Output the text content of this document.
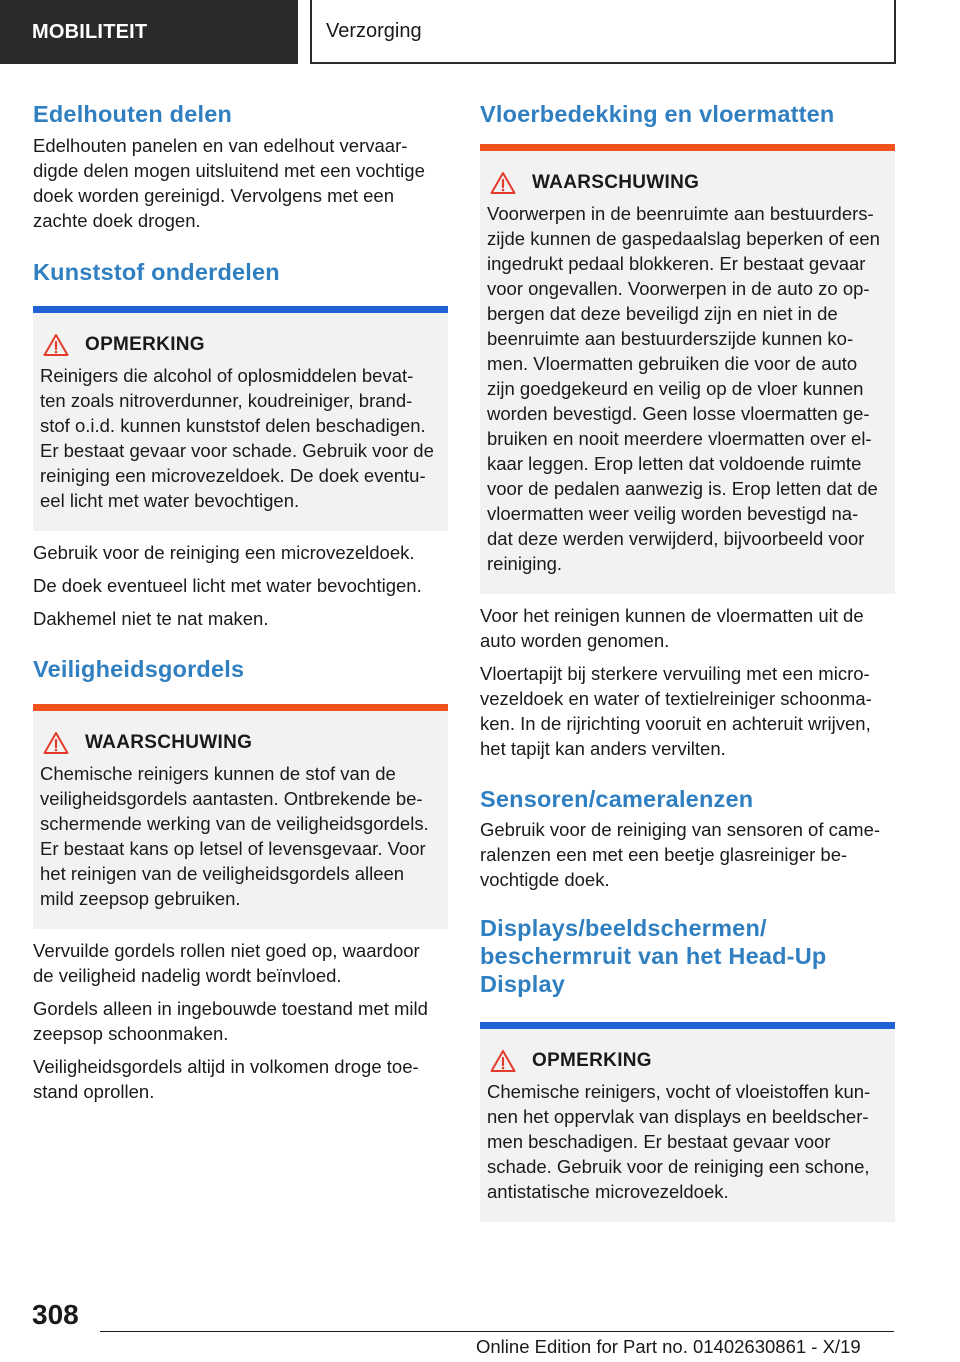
MOBILITEIT	Verzorging
Edelhouten delen

Edelhouten panelen en van edelhout vervaar-
digde delen mogen uitsluitend met een vochtige
doek worden gereinigd. Vervolgens met een
zachte doek drogen.

Kunststof onderdelen
OPMERKING

Reinigers die alcohol of oplosmiddelen bevat-
ten zoals nitroverdunner, koudreiniger, brand-
stof o.i.d. kunnen kunststof delen beschadigen.
Er bestaat gevaar voor schade. Gebruik voor de
reiniging een microvezeldoek. De doek eventu-
eel licht met water bevochtigen.

Gebruik voor de reiniging een microvezeldoek.

De doek eventueel licht met water bevochtigen.

Dakhemel niet te nat maken.

Veiligheidsgordels
WAARSCHUWING

Chemische reinigers kunnen de stof van de
veiligheidsgordels aantasten. Ontbrekende be-
schermende werking van de veiligheidsgordels.
Er bestaat kans op letsel of levensgevaar. Voor
het reinigen van de veiligheidsgordels alleen
mild zeepsop gebruiken.

Vervuilde gordels rollen niet goed op, waardoor
de veiligheid nadelig wordt beïnvloed.

Gordels alleen in ingebouwde toestand met mild
zeepsop schoonmaken.

Veiligheidsgordels altijd in volkomen droge toe-
stand oprollen.

Vloerbedekking en vloermatten
WAARSCHUWING

Voorwerpen in de beenruimte aan bestuurders-
zijde kunnen de gaspedaalslag beperken of een
ingedrukt pedaal blokkeren. Er bestaat gevaar
voor ongevallen. Voorwerpen in de auto zo op-
bergen dat deze beveiligd zijn en niet in de
beenruimte aan bestuurderszijde kunnen ko-
men. Vloermatten gebruiken die voor de auto
zijn goedgekeurd en veilig op de vloer kunnen
worden bevestigd. Geen losse vloermatten ge-
bruiken en nooit meerdere vloermatten over el-
kaar leggen. Erop letten dat voldoende ruimte
voor de pedalen aanwezig is. Erop letten dat de
vloermatten weer veilig worden bevestigd na-
dat deze werden verwijderd, bijvoorbeeld voor
reiniging.

Voor het reinigen kunnen de vloermatten uit de
auto worden genomen.

Vloertapijt bij sterkere vervuiling met een micro-
vezeldoek en water of textielreiniger schoonma-
ken. In de rijrichting vooruit en achteruit wrijven,
het tapijt kan anders vervilten.

Sensoren/cameralenzen

Gebruik voor de reiniging van sensoren of came-
ralenzen een met een beetje glasreiniger be-
vochtigde doek.

Displays/beeldschermen/
beschermruit van het Head-Up
Display
OPMERKING

Chemische reinigers, vocht of vloeistoffen kun-
nen het oppervlak van displays en beeldscher-
men beschadigen. Er bestaat gevaar voor
schade. Gebruik voor de reiniging een schone,
antistatische microvezeldoek.

308
Online Edition for Part no. 01402630861 - X/19
